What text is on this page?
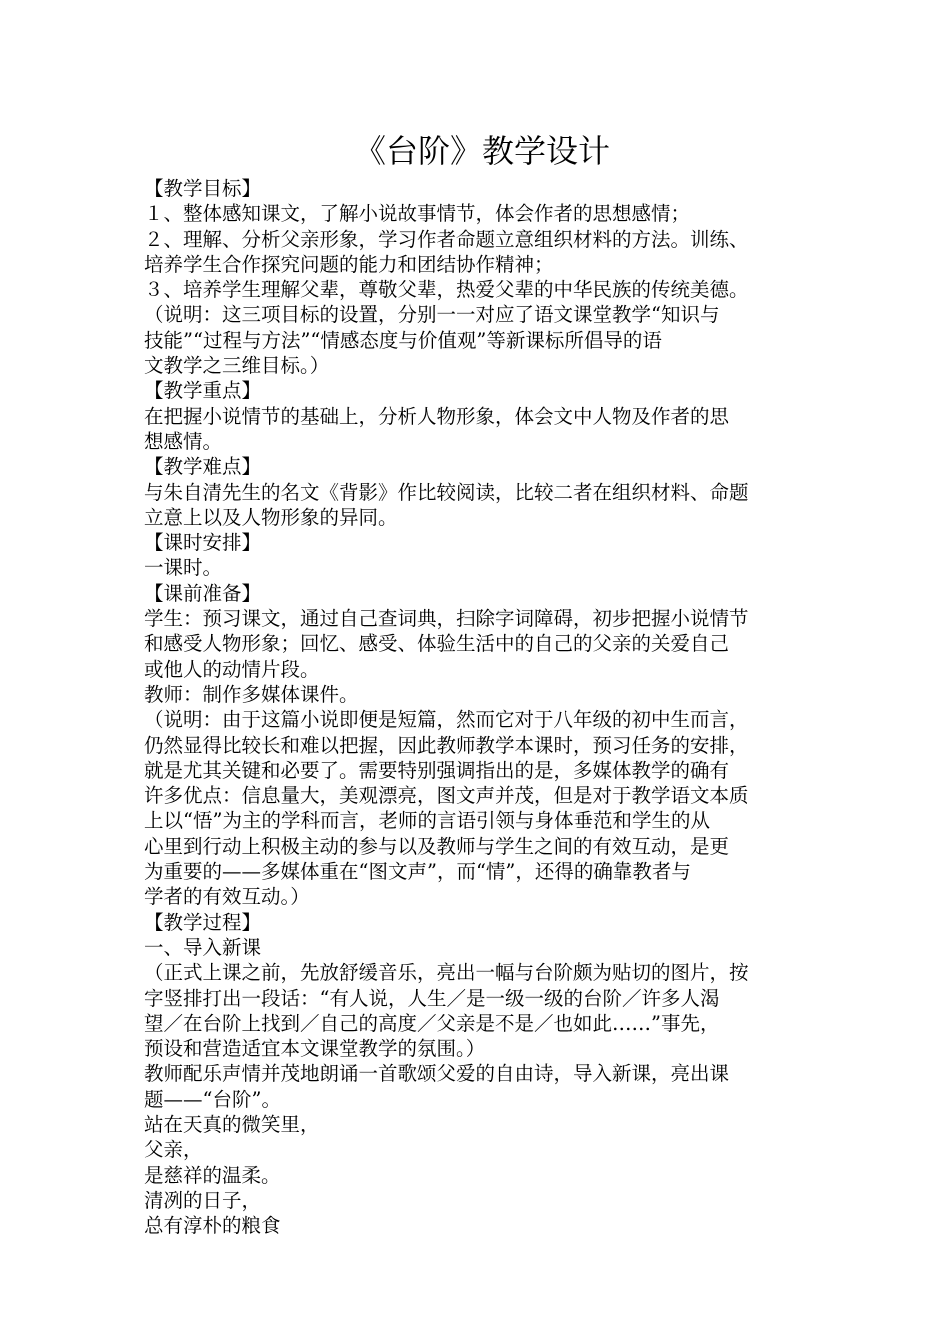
《台阶》教学设计

【教学目标】

１、整体感知课文，了解小说故事情节，体会作者的思想感情；

２、理解、分析父亲形象，学习作者命题立意组织材料的方法。训练、

培养学生合作探究问题的能力和团结协作精神；

３、培养学生理解父辈，尊敬父辈，热爱父辈的中华民族的传统美德。

（说明：这三项目标的设置，分别一一对应了语文课堂教学“知识与

技能”“过程与方法”“情感态度与价值观”等新课标所倡导的语

文教学之三维目标。）

【教学重点】

在把握小说情节的基础上，分析人物形象，体会文中人物及作者的思

想感情。

【教学难点】

与朱自清先生的名文《背影》作比较阅读，比较二者在组织材料、命题

立意上以及人物形象的异同。

【课时安排】

一课时。

【课前准备】

学生：预习课文，通过自己查词典，扫除字词障碍，初步把握小说情节

和感受人物形象；回忆、感受、体验生活中的自己的父亲的关爱自己

或他人的动情片段。

教师：制作多媒体课件。

（说明：由于这篇小说即便是短篇，然而它对于八年级的初中生而言，

仍然显得比较长和难以把握，因此教师教学本课时，预习任务的安排，

就是尤其关键和必要了。需要特别强调指出的是，多媒体教学的确有

许多优点：信息量大，美观漂亮，图文声并茂，但是对于教学语文本质

上以“悟”为主的学科而言，老师的言语引领与身体垂范和学生的从

心里到行动上积极主动的参与以及教师与学生之间的有效互动，是更

为重要的——多媒体重在“图文声”，而“情”，还得的确靠教者与

学者的有效互动。）

【教学过程】

一、导入新课

（正式上课之前，先放舒缓音乐，亮出一幅与台阶颇为贴切的图片，按

字竖排打出一段话：“有人说，人生／是一级一级的台阶／许多人渴

望／在台阶上找到／自己的高度／父亲是不是／也如此……”事先，

预设和营造适宜本文课堂教学的氛围。）

教师配乐声情并茂地朗诵一首歌颂父爱的自由诗，导入新课，亮出课

题——“台阶”。

站在天真的微笑里，

父亲，

是慈祥的温柔。

清冽的日子，

总有淳朴的粮食
